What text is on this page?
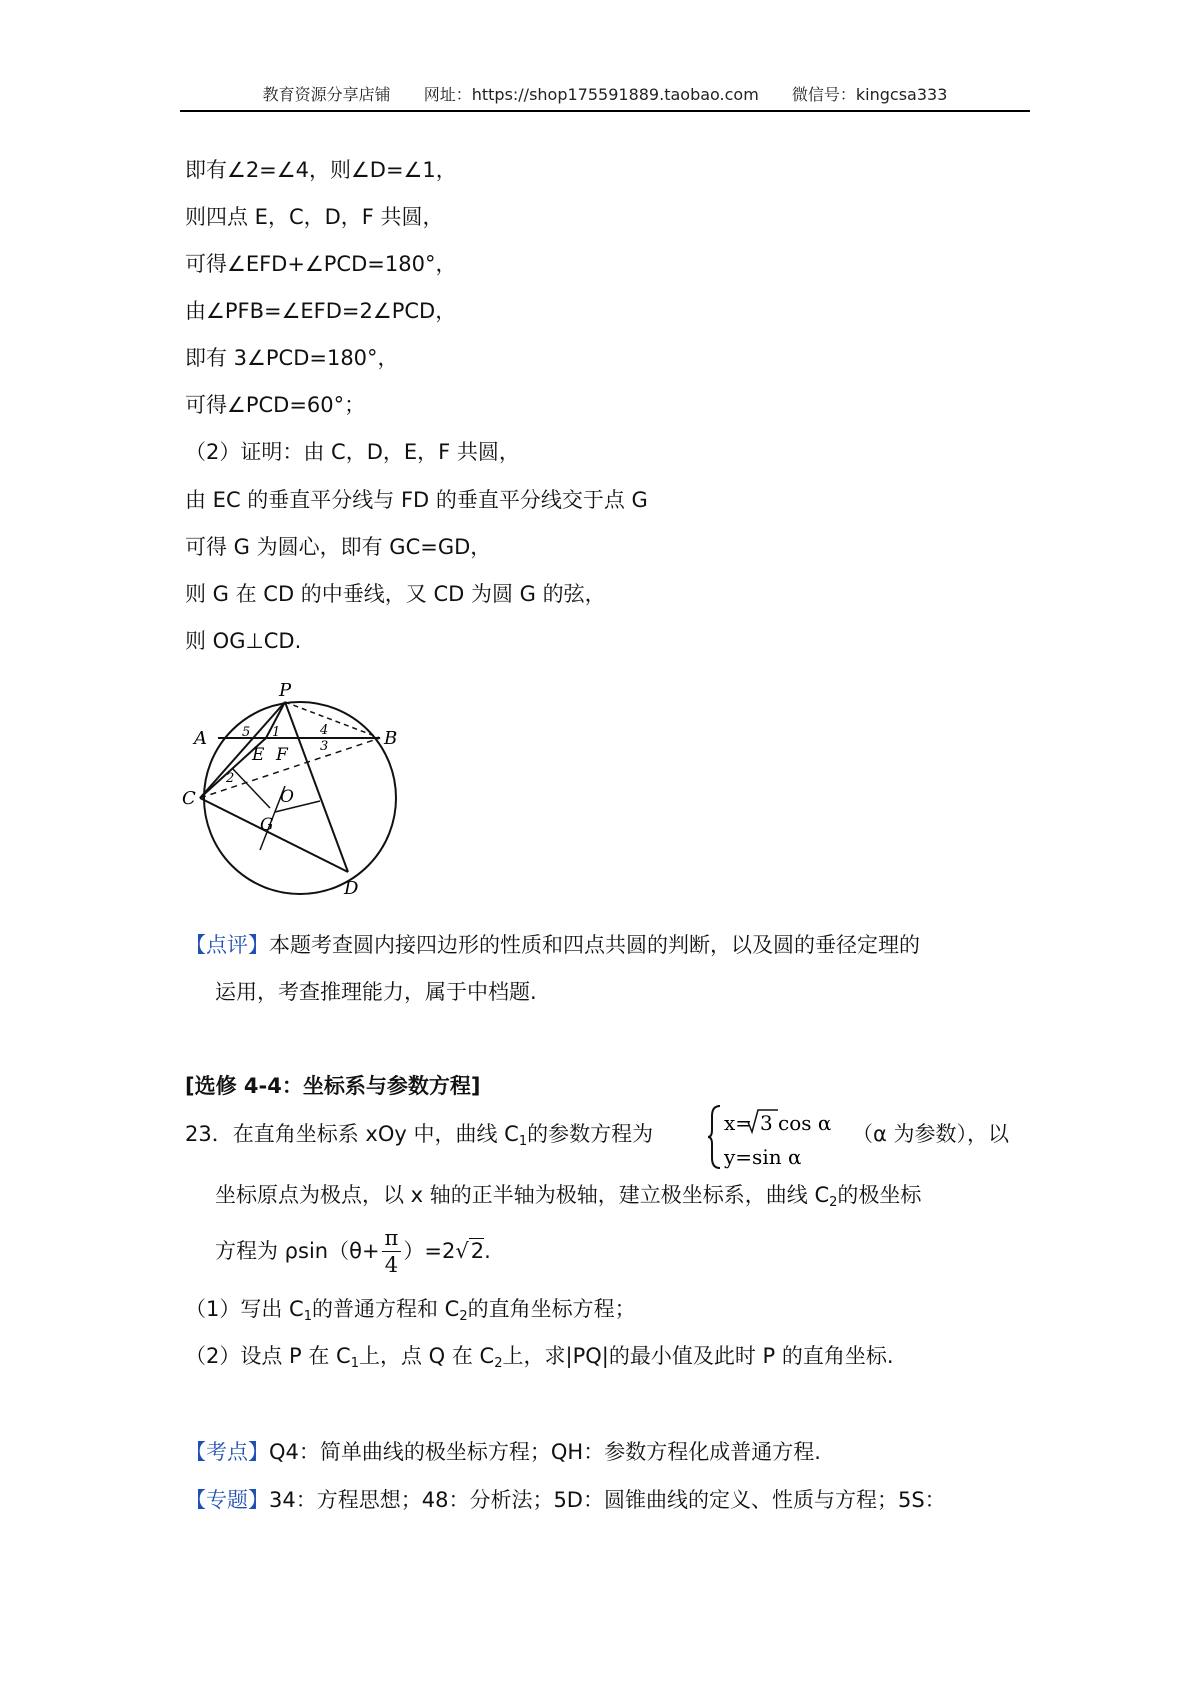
教育资源分享店铺 网址：https://shop175591889.taobao.com 微信号：kingcsa333
即有∠2=∠4，则∠D=∠1，
则四点 E，C，D，F 共圆，
可得∠EFD+∠PCD=180°，
由∠PFB=∠EFD=2∠PCD，
即有 3∠PCD=180°，
可得∠PCD=60°；
（2）证明：由 C，D，E，F 共圆，
由 EC 的垂直平分线与 FD 的垂直平分线交于点 G
可得 G 为圆心，即有 GC=GD，
则 G 在 CD 的中垂线，又 CD 为圆 G 的弦，
则 OG⊥CD.
P
A	B
C
D
E F
O
G
5 1	4
3
2
【点评】本题考查圆内接四边形的性质和四点共圆的判断，以及圆的垂径定理的
运用，考查推理能力，属于中档题.
[选修 4-4：坐标系与参数方程]
23．在直角坐标系 xOy 中，曲线 $C_1$的参数方程为	x= 3 cos α
y=sin α
（α 为参数），以
坐标原点为极点，以 x 轴的正半轴为极轴，建立极坐标系，曲线 $C_2$的极坐标
方程为 $\rho\sin(\theta+ \frac{\pi}{4} )=2√2$.
（1）写出 $C_1$的普通方程和 $C_2$的直角坐标方程；
（2）设点 P 在 $C_1$上，点 Q 在 $C_2$上，求|PQ|的最小值及此时 P 的直角坐标.
【考点】Q4：简单曲线的极坐标方程；QH：参数方程化成普通方程.
【专题】34：方程思想；48：分析法；5D：圆锥曲线的定义、性质与方程；5S：
